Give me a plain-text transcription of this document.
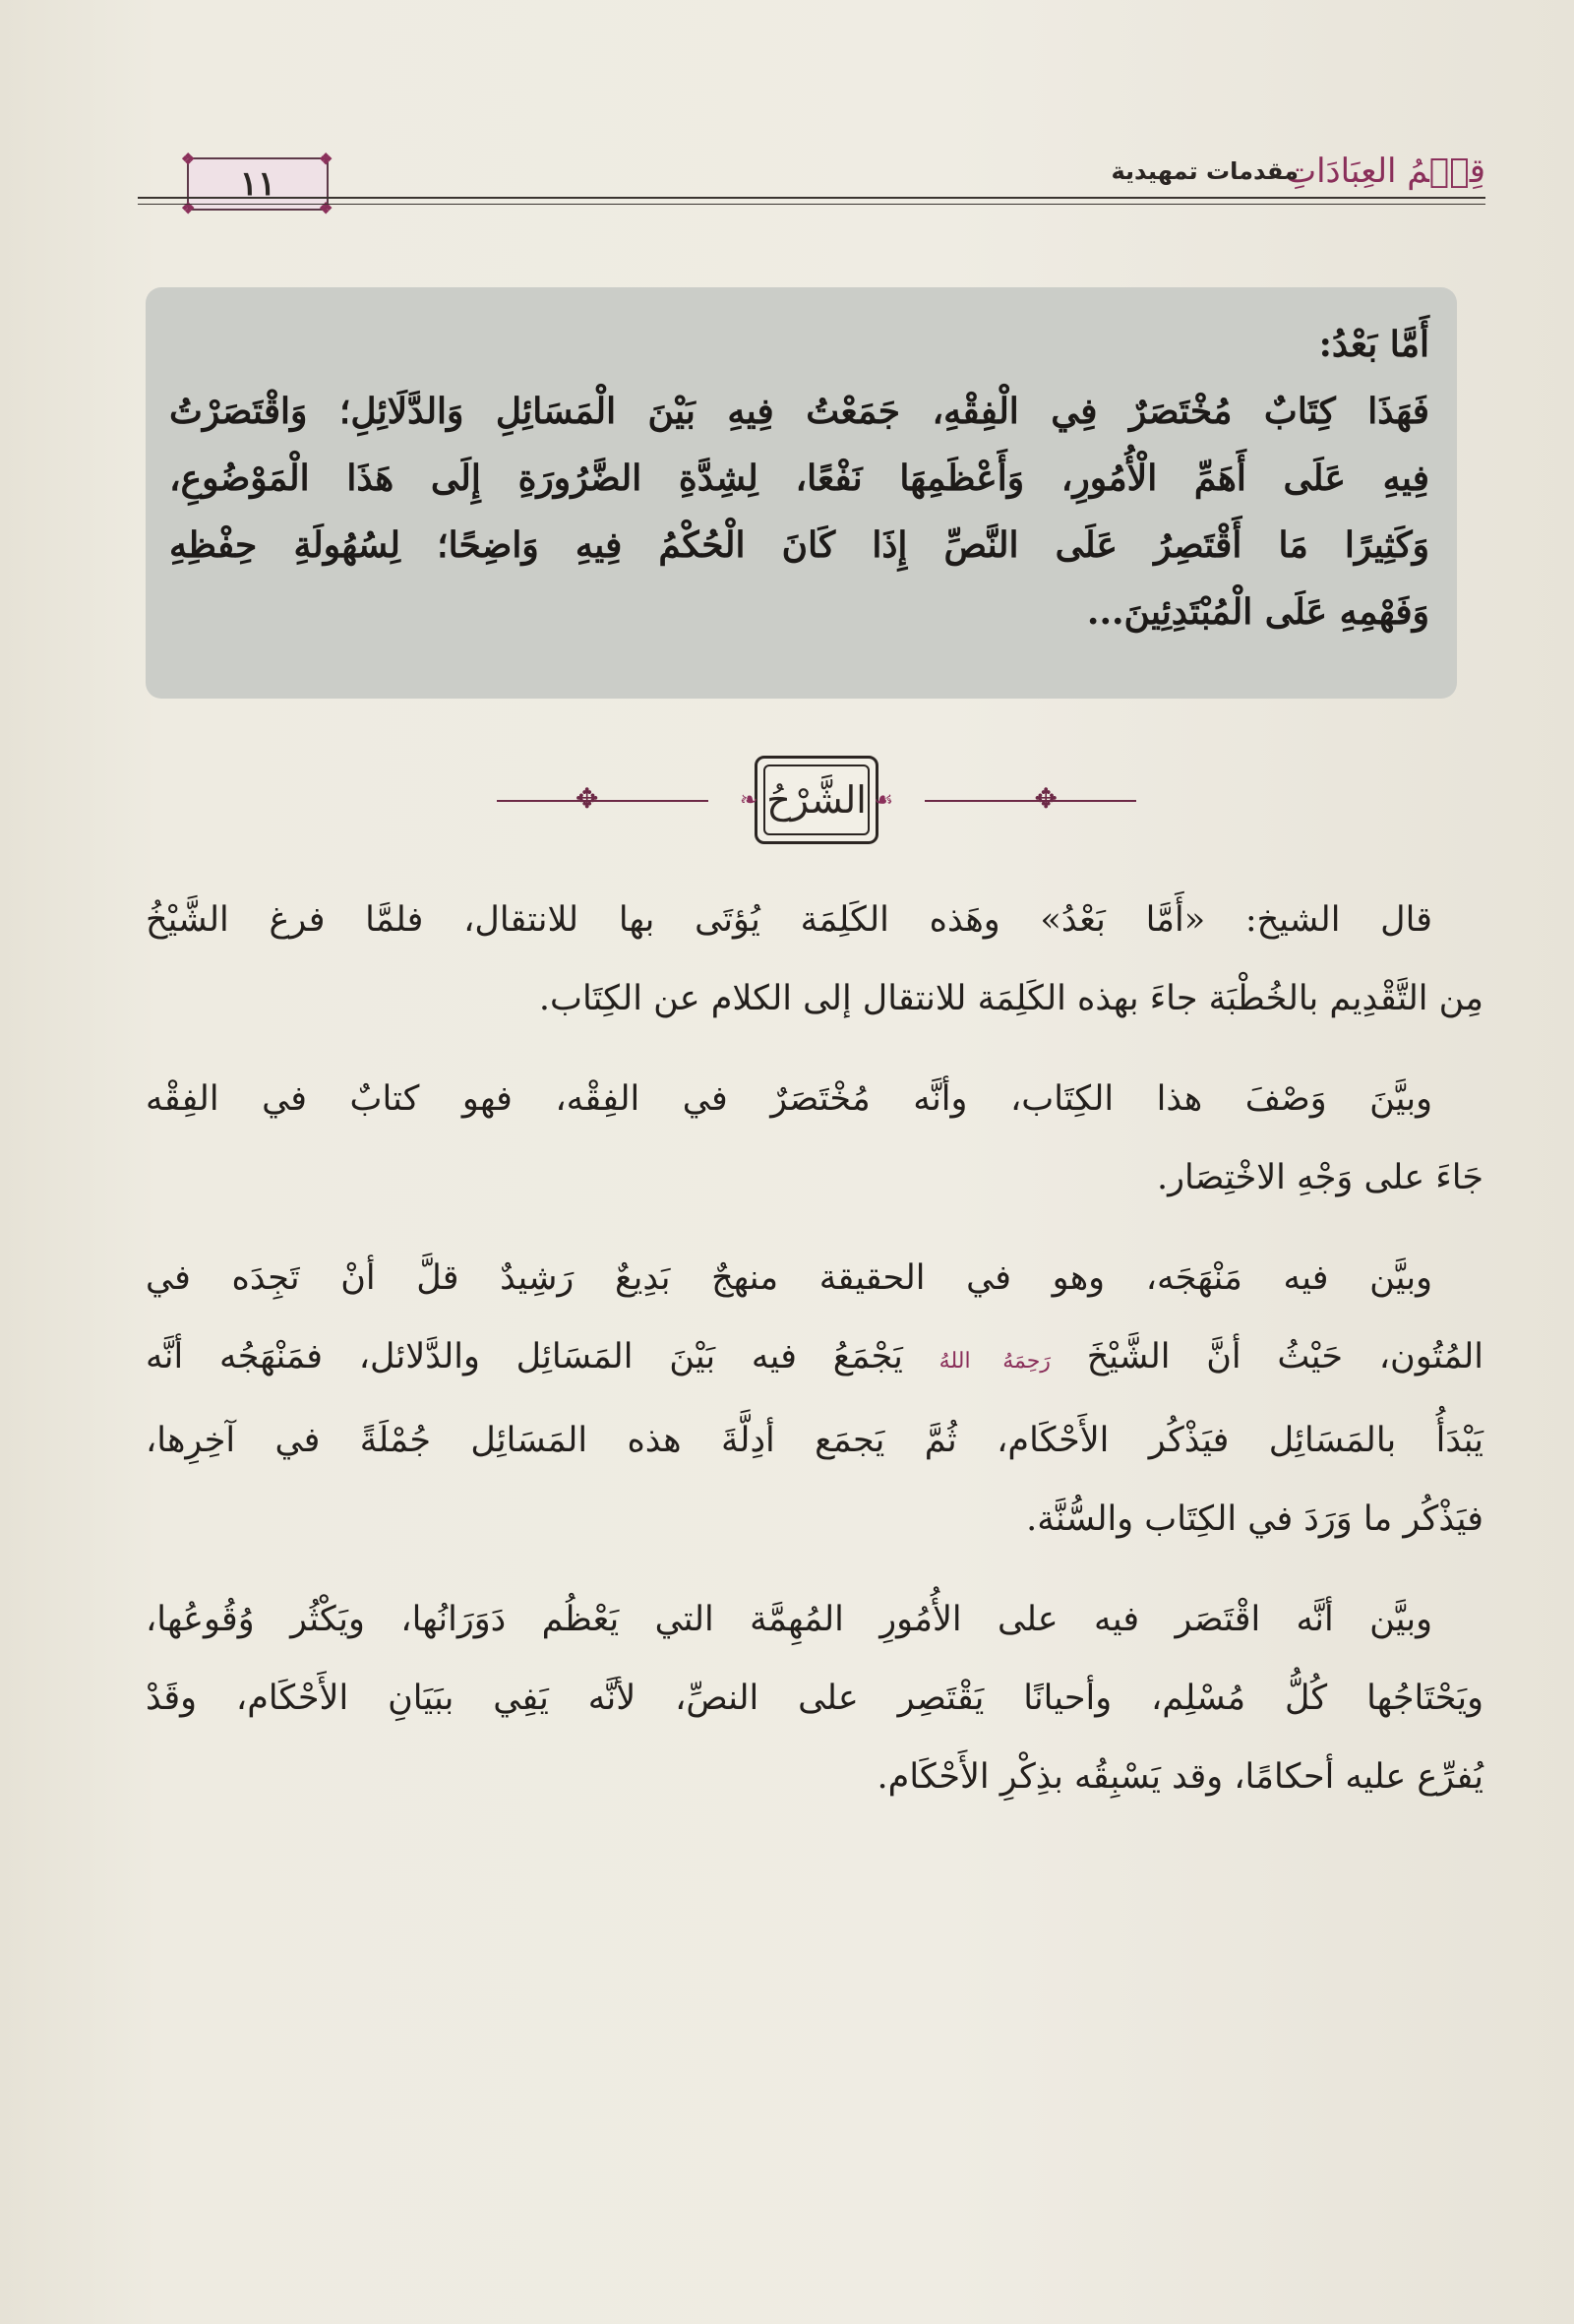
❖	❖
❖	❖
١١	قِسۡمُ العِبَادَاتِ
مقدمات تمهيدية
أَمَّا بَعْدُ:
فَهَذَا كِتَابٌ مُخْتَصَرٌ فِي الْفِقْهِ، جَمَعْتُ فِيهِ بَيْنَ الْمَسَائِلِ وَالدَّلَائِلِ؛ وَاقْتَصَرْتُ
فِيهِ عَلَى أَهَمِّ الْأُمُورِ، وَأَعْظَمِهَا نَفْعًا، لِشِدَّةِ الضَّرُورَةِ إِلَى هَذَا الْمَوْضُوعِ،
وَكَثِيرًا مَا أَقْتَصِرُ عَلَى النَّصِّ إِذَا كَانَ الْحُكْمُ فِيهِ وَاضِحًا؛ لِسُهُولَةِ حِفْظِهِ
وَفَهْمِهِ عَلَى الْمُبْتَدِئِينَ...
✥	✥
❧	☙
الشَّرْحُ
قال الشيخ: «أَمَّا بَعْدُ» وهَذه الكَلِمَة يُؤتَى بها للانتقال، فلمَّا فرغ الشَّيْخُ
مِن التَّقْدِيم بالخُطْبَة جاءَ بهذه الكَلِمَة للانتقال إلى الكلام عن الكِتَاب.
وبيَّنَ وَصْفَ هذا الكِتَاب، وأنَّه مُخْتَصَرٌ في الفِقْه، فهو كتابٌ في الفِقْه
جَاءَ على وَجْهِ الاخْتِصَار.
وبيَّن فيه مَنْهَجَه، وهو في الحقيقة منهجٌ بَدِيعٌ رَشِيدٌ قلَّ أنْ تَجِدَه في
المُتُون، حَيْثُ أنَّ الشَّيْخَ رَحِمَهُ اللهُ يَجْمَعُ فيه بَيْنَ المَسَائِل والدَّلائل، فمَنْهَجُه أنَّه
يَبْدَأُ بالمَسَائِل فيَذْكُر الأَحْكَام، ثُمَّ يَجمَع أدِلَّةَ هذه المَسَائِل جُمْلَةً في آخِرِها،
فيَذْكُر ما وَرَدَ في الكِتَاب والسُّنَّة.
وبيَّن أنَّه اقْتَصَر فيه على الأُمُورِ المُهِمَّة التي يَعْظُم دَوَرَانُها، ويَكْثُر وُقُوعُها،
ويَحْتَاجُها كُلُّ مُسْلِم، وأحيانًا يَقْتَصِر على النصِّ، لأنَّه يَفِي ببَيَانِ الأَحْكَام، وقَدْ
يُفرِّع عليه أحكامًا، وقد يَسْبِقُه بذِكْرِ الأَحْكَام.
